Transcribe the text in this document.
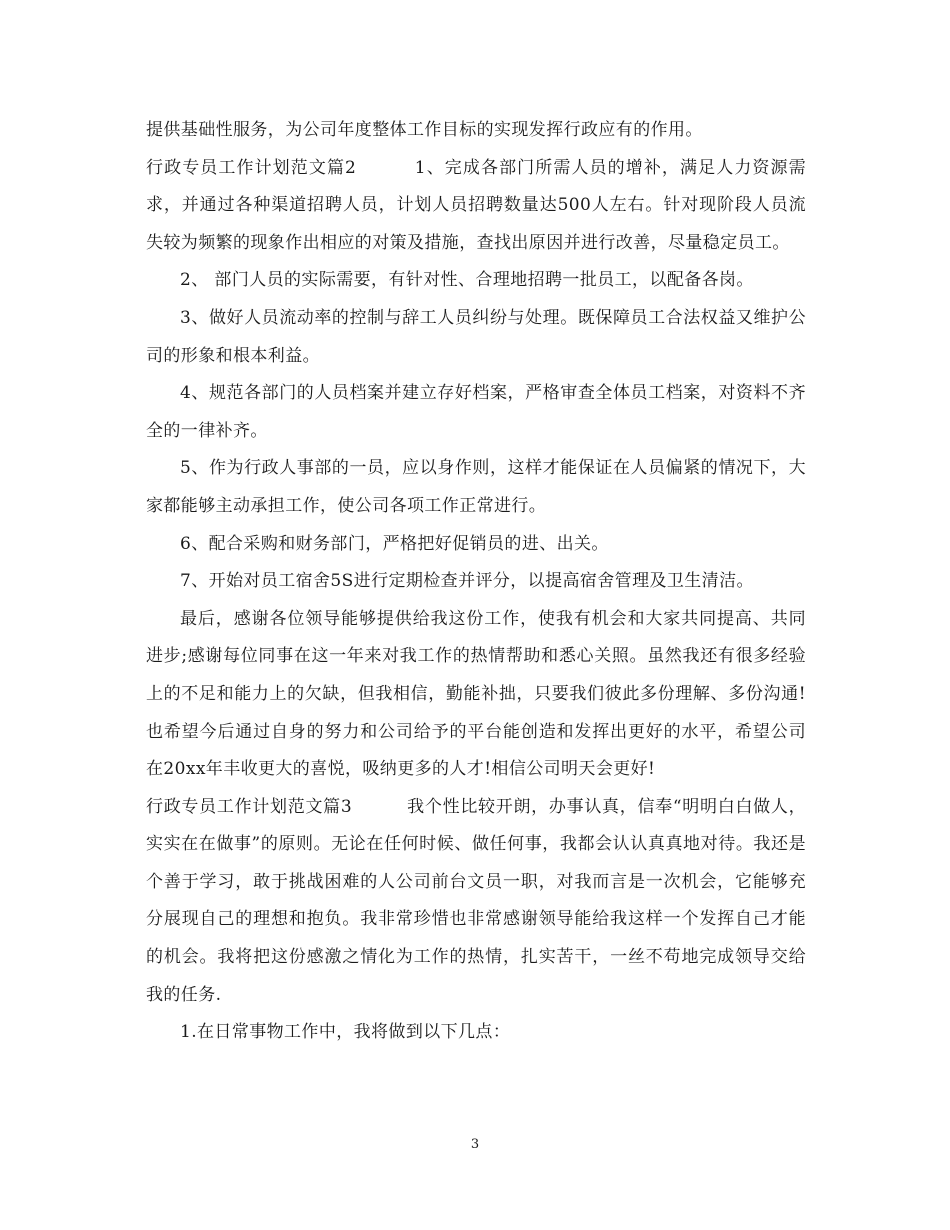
提供基础性服务，为公司年度整体工作目标的实现发挥行政应有的作用。

行政专员工作计划范文篇2	1、完成各部门所需人员的增补，满足人力资源需求，并通过各种渠道招聘人员，计划人员招聘数量达500人左右。针对现阶段人员流失较为频繁的现象作出相应的对策及措施，查找出原因并进行改善，尽量稳定员工。

2、 部门人员的实际需要，有针对性、合理地招聘一批员工，以配备各岗。

3、做好人员流动率的控制与辞工人员纠纷与处理。既保障员工合法权益又维护公司的形象和根本利益。

4、规范各部门的人员档案并建立存好档案，严格审查全体员工档案，对资料不齐全的一律补齐。

5、作为行政人事部的一员，应以身作则，这样才能保证在人员偏紧的情况下，大家都能够主动承担工作，使公司各项工作正常进行。

6、配合采购和财务部门，严格把好促销员的进、出关。

7、开始对员工宿舍5S进行定期检查并评分，以提高宿舍管理及卫生清洁。

最后，感谢各位领导能够提供给我这份工作，使我有机会和大家共同提高、共同进步;感谢每位同事在这一年来对我工作的热情帮助和悉心关照。虽然我还有很多经验上的不足和能力上的欠缺，但我相信，勤能补拙，只要我们彼此多份理解、多份沟通!也希望今后通过自身的努力和公司给予的平台能创造和发挥出更好的水平，希望公司在20xx年丰收更大的喜悦，吸纳更多的人才!相信公司明天会更好!

行政专员工作计划范文篇3	我个性比较开朗，办事认真，信奉“明明白白做人，实实在在做事”的原则。无论在任何时候、做任何事，我都会认认真真地对待。我还是个善于学习，敢于挑战困难的人公司前台文员一职，对我而言是一次机会，它能够充分展现自己的理想和抱负。我非常珍惜也非常感谢领导能给我这样一个发挥自己才能的机会。我将把这份感激之情化为工作的热情，扎实苦干，一丝不苟地完成领导交给我的任务.

1.在日常事物工作中，我将做到以下几点：

3
